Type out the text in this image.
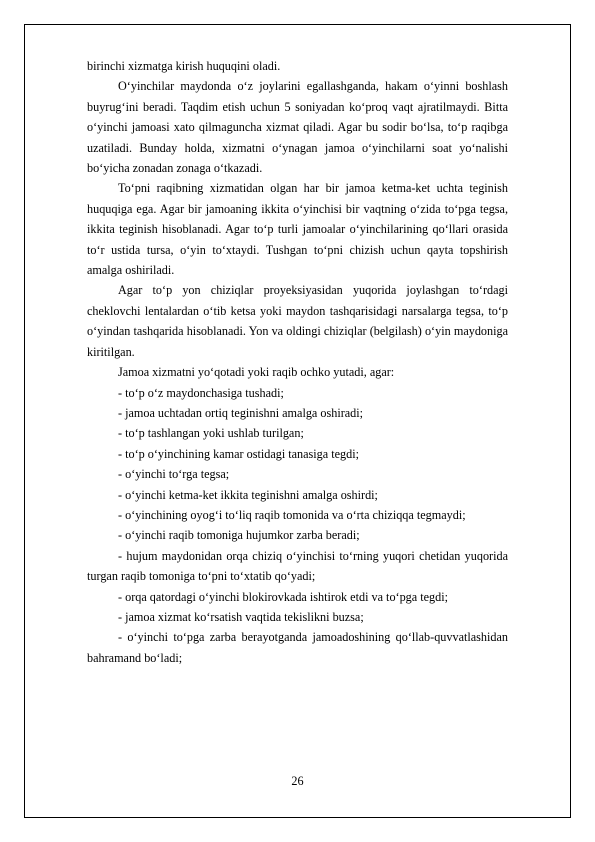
birinchi xizmatga kirish huquqini oladi.

O‘yinchilar maydonda o‘z joylarini egallashganda, hakam o‘yinni boshlash buyrug‘ini beradi. Taqdim etish uchun 5 soniyadan ko‘proq vaqt ajratilmaydi. Bitta o‘yinchi jamoasi xato qilmaguncha xizmat qiladi. Agar bu sodir bo‘lsa, to‘p raqibga uzatiladi. Bunday holda, xizmatni o‘ynagan jamoa o‘yinchilarni soat yo‘nalishi bo‘yicha zonadan zonaga o‘tkazadi.

To‘pni raqibning xizmatidan olgan har bir jamoa ketma-ket uchta teginish huquqiga ega. Agar bir jamoaning ikkita o‘yinchisi bir vaqtning o‘zida to‘pga tegsa, ikkita teginish hisoblanadi. Agar to‘p turli jamoalar o‘yinchilarining qo‘llari orasida to‘r ustida tursa, o‘yin to‘xtaydi. Tushgan to‘pni chizish uchun qayta topshirish amalga oshiriladi.

Agar to‘p yon chiziqlar proyeksiyasidan yuqorida joylashgan to‘rdagi cheklovchi lentalardan o‘tib ketsa yoki maydon tashqarisidagi narsalarga tegsa, to‘p o‘yindan tashqarida hisoblanadi. Yon va oldingi chiziqlar (belgilash) o‘yin maydoniga kiritilgan.

Jamoa xizmatni yo‘qotadi yoki raqib ochko yutadi, agar:

- to‘p o‘z maydonchasiga tushadi;

- jamoa uchtadan ortiq teginishni amalga oshiradi;

- to‘p tashlangan yoki ushlab turilgan;

- to‘p o‘yinchining kamar ostidagi tanasiga tegdi;

- o‘yinchi to‘rga tegsa;

- o‘yinchi ketma-ket ikkita teginishni amalga oshirdi;

- o‘yinchining oyog‘i to‘liq raqib tomonida va o‘rta chiziqqa tegmaydi;

- o‘yinchi raqib tomoniga hujumkor zarba beradi;

- hujum maydonidan orqa chiziq o‘yinchisi to‘rning yuqori chetidan yuqorida turgan raqib tomoniga to‘pni to‘xtatib qo‘yadi;

- orqa qatordagi o‘yinchi blokirovkada ishtirok etdi va to‘pga tegdi;

- jamoa xizmat ko‘rsatish vaqtida tekislikni buzsa;

- o‘yinchi to‘pga zarba berayotganda jamoadoshining qo‘llab-quvvatlashidan bahramand bo‘ladi;

26
